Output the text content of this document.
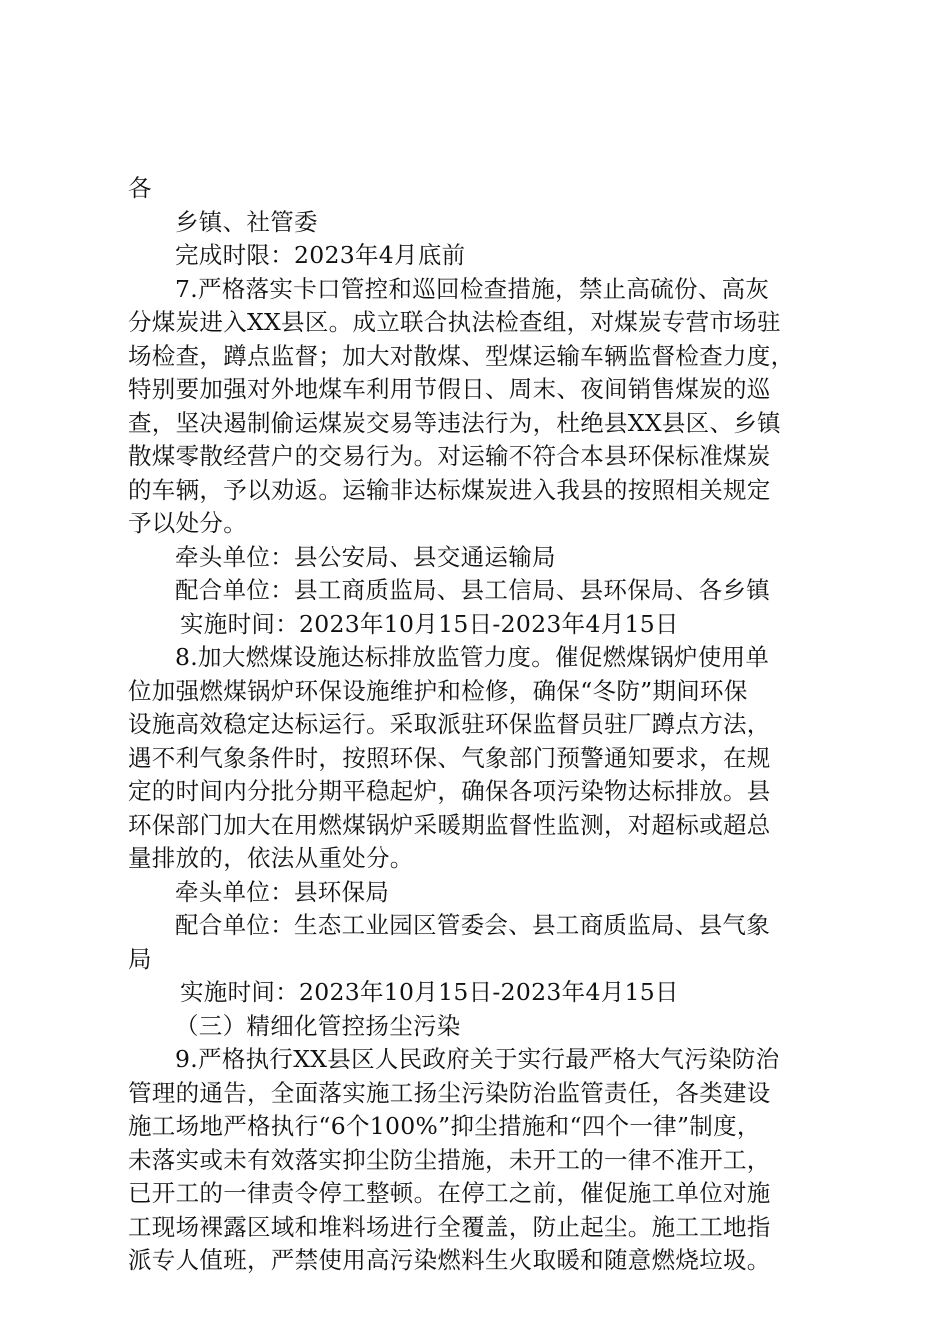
各

乡镇、社管委

完成时限：2023年4月底前

7.严格落实卡口管控和巡回检查措施，禁止高硫份、高灰

分煤炭进入XX县区。成立联合执法检查组，对煤炭专营市场驻

场检查，蹲点监督；加大对散煤、型煤运输车辆监督检查力度，

特别要加强对外地煤车利用节假日、周末、夜间销售煤炭的巡

查，坚决遏制偷运煤炭交易等违法行为，杜绝县XX县区、乡镇

散煤零散经营户的交易行为。对运输不符合本县环保标准煤炭

的车辆，予以劝返。运输非达标煤炭进入我县的按照相关规定

予以处分。

牵头单位：县公安局、县交通运输局

配合单位：县工商质监局、县工信局、县环保局、各乡镇

实施时间：2023年10月15日-2023年4月15日

8.加大燃煤设施达标排放监管力度。催促燃煤锅炉使用单

位加强燃煤锅炉环保设施维护和检修，确保“冬防”期间环保

设施高效稳定达标运行。采取派驻环保监督员驻厂蹲点方法，

遇不利气象条件时，按照环保、气象部门预警通知要求，在规

定的时间内分批分期平稳起炉，确保各项污染物达标排放。县

环保部门加大在用燃煤锅炉采暖期监督性监测，对超标或超总

量排放的，依法从重处分。

牵头单位：县环保局

配合单位：生态工业园区管委会、县工商质监局、县气象

局

实施时间：2023年10月15日-2023年4月15日

（三）精细化管控扬尘污染

9.严格执行XX县区人民政府关于实行最严格大气污染防治

管理的通告，全面落实施工扬尘污染防治监管责任，各类建设

施工场地严格执行“6个100%”抑尘措施和“四个一律”制度，

未落实或未有效落实抑尘防尘措施，未开工的一律不准开工，

已开工的一律责令停工整顿。在停工之前，催促施工单位对施

工现场裸露区域和堆料场进行全覆盖，防止起尘。施工工地指

派专人值班，严禁使用高污染燃料生火取暖和随意燃烧垃圾。
